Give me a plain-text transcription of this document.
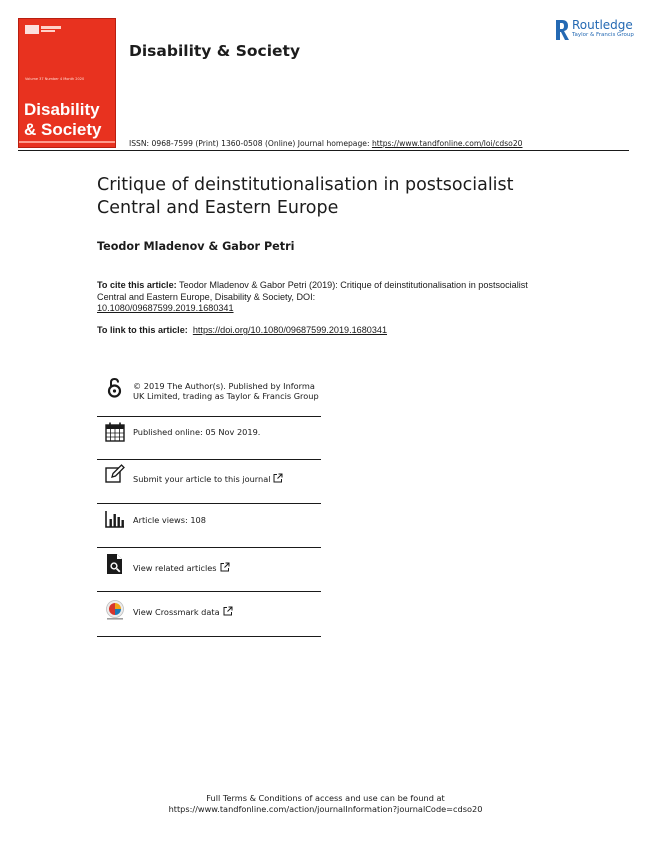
Volume 37 Number 4 Month 2020
Disability
& Society
Disability & Society
Routledge
Taylor & Francis Group
ISSN: 0968-7599 (Print) 1360-0508 (Online) Journal homepage: https://www.tandfonline.com/loi/cdso20
Critique of deinstitutionalisation in postsocialist Central and Eastern Europe
Teodor Mladenov & Gabor Petri
To cite this article: Teodor Mladenov & Gabor Petri (2019): Critique of deinstitutionalisation in postsocialist Central and Eastern Europe, Disability & Society, DOI:
10.1080/09687599.2019.1680341
To link to this article:  https://doi.org/10.1080/09687599.2019.1680341
© 2019 The Author(s). Published by Informa UK Limited, trading as Taylor & Francis Group
Published online: 05 Nov 2019.
Submit your article to this journal
Article views: 108
View related articles
View Crossmark data
Full Terms & Conditions of access and use can be found at
https://www.tandfonline.com/action/journalInformation?journalCode=cdso20
